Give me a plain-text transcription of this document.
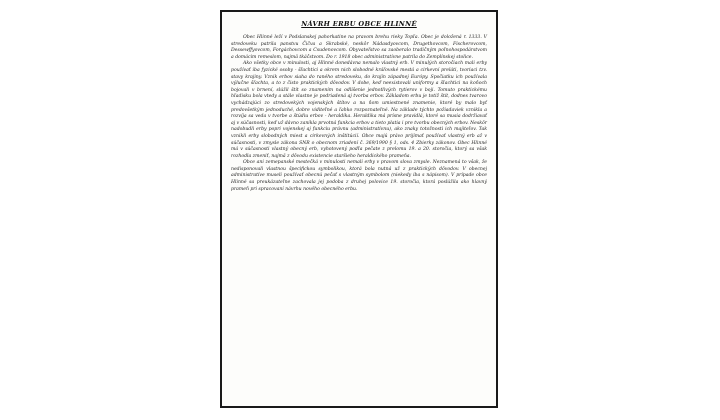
NÁVRH ERBU OBCE HLINNÉ

Obec Hlinné leží v Podslanskej pahorkatine na pravom brehu rieky Topľa. Obec je doložená r. 1333. V stredoveku patrila panstvu Čičva a Skrabské, neskôr Nádasdyovcom, Drugethovcom, Fischerovcom, Dessewffyovcom, Forgáchovcom a Csudenovcom. Obyvateľstvo sa zaoberalo tradičným poľnohospodárstvom a domácim remeslom, najmä tkáčstvom. Do r. 1918 obec administratívne patrila do Zemplínskej stolice.

Ako všetky obce v minulosti, aj Hlinné donedávna nemalo vlastný erb. V minulých storočiach mali erby používať iba fyzické osoby - šľachtici a okrem nich slobodné kráľovské mestá a cirkevní preláti, tvoriaci tzv. stavy krajiny. Vznik erbov siaha do raného stredoveku, do krajín západnej Európy. Spočiatku ich používala výlučne šľachta, a to z čisto praktických dôvodov. V dobe, keď neexistovali uniformy a šľachtici na koňoch bojovali v brnení, slúžil štít so znamením na odlíšenie jednotlivých rytierov v boji. Tomuto praktickému hľadisku bola vtedy a stále vlastne je podriadená aj tvorba erbov. Základom erbu je totiž štít, dodnes tvarovo vychádzajúci zo stredovekých vojenských štítov a na ňom umiestnené znamenie, ktoré by malo byť predovšetkým jednoduché, dobre viditeľné a ľahko rozpoznateľné. Na základe týchto požiadaviek vznikla a rozvíja sa veda v tvorbe a štúdiu erbov - heraldika. Heraldika má prísne pravidlá, ktoré sa musia dodržiavať aj v súčasnosti, keď už dávno zanikla prvotná funkcia erbov a tieto platia i pre tvorbu obecných erbov. Neskôr nadobudli erby popri vojenskej aj funkciu právnu (administratívnu), ako znaky totožnosti ich majiteľov. Tak vznikli erby slobodných miest a cirkevných inštitúcií. Obce majú právo prijímať používať vlastný erb až v súčasnosti, v zmysle zákona SNR o obecnom zriadení č. 369/1990 § 1, ods. 4 Zbierky zákonov. Obec Hlinné má v súčasnosti vlastný obecný erb, vyhotovený podľa pečate z prelomu 19. a 20. storočia, ktorý sa však rozhodla zmeniť, najmä z dôvodu existencie staršieho heraldického prameňa.

Obce ani zemepanské mestečká v minulosti nemali erby v pravom slova zmysle. Neznamená to však, že nedisponovali vlastnou špecifickou symbolikou, ktorá bola nutná už z praktických dôvodov. V obecnej administratíve museli používať obecnú pečať s vlastným symbolom (niekedy iba s nápisom). V prípade obce Hlinné sa preukázateľne zachovala jej podoba z druhej polovice 19. storočia, ktorá poslúžila ako hlavný prameň pri spracovaní návrhu nového obecného erbu.
